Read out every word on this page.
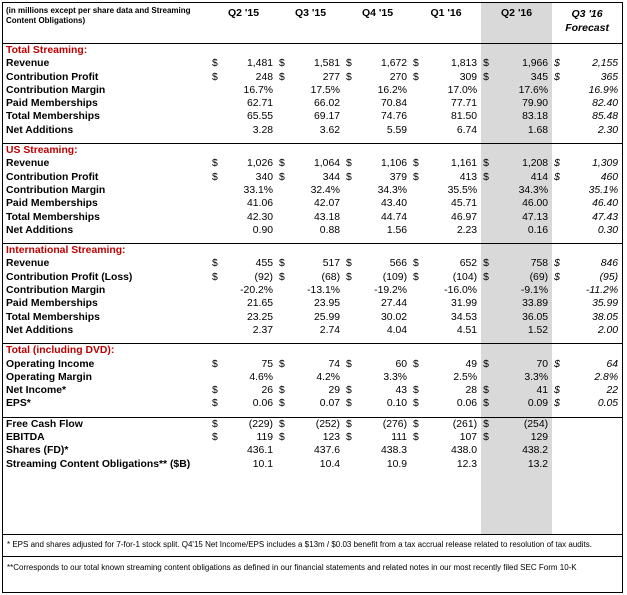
(in millions except per share data and Streaming Content Obligations)	Q2 '15		Q3 '15		Q4 '15		Q1 '16		Q2 '16		Q3 '16
Forecast	
Total Streaming:												
Revenue	$	1,481	$	1,581	$	1,672	$	1,813	$	1,966	$	2,155
Contribution Profit	$	248	$	277	$	270	$	309	$	345	$	365
Contribution Margin		16.7%		17.5%		16.2%		17.0%		17.6%		16.9%
Paid Memberships		62.71		66.02		70.84		77.71		79.90		82.40
Total Memberships		65.55		69.17		74.76		81.50		83.18		85.48
Net Additions		3.28		3.62		5.59		6.74		1.68		2.30

US Streaming:												
Revenue	$	1,026	$	1,064	$	1,106	$	1,161	$	1,208	$	1,309
Contribution Profit	$	340	$	344	$	379	$	413	$	414	$	460
Contribution Margin		33.1%		32.4%		34.3%		35.5%		34.3%		35.1%
Paid Memberships		41.06		42.07		43.40		45.71		46.00		46.40
Total Memberships		42.30		43.18		44.74		46.97		47.13		47.43
Net Additions		0.90		0.88		1.56		2.23		0.16		0.30

International Streaming:												
Revenue	$	455	$	517	$	566	$	652	$	758	$	846
Contribution Profit (Loss)	$	(92)	$	(68)	$	(109)	$	(104)	$	(69)	$	(95)
Contribution Margin		-20.2%		-13.1%		-19.2%		-16.0%		-9.1%		-11.2%
Paid Memberships		21.65		23.95		27.44		31.99		33.89		35.99
Total Memberships		23.25		25.99		30.02		34.53		36.05		38.05
Net Additions		2.37		2.74		4.04		4.51		1.52		2.00

Total (including DVD):												
Operating Income	$	75	$	74	$	60	$	49	$	70	$	64
Operating Margin		4.6%		4.2%		3.3%		2.5%		3.3%		2.8%
Net Income*	$	26	$	29	$	43	$	28	$	41	$	22
EPS*	$	0.06	$	0.07	$	0.10	$	0.06	$	0.09	$	0.05

Free Cash Flow	$	(229)	$	(252)	$	(276)	$	(261)	$	(254)		
EBITDA	$	119	$	123	$	111	$	107	$	129		
Shares (FD)*		436.1		437.6		438.3		438.0		438.2		
Streaming Content Obligations** ($B)		10.1		10.4		10.9		12.3		13.2		
* EPS and shares adjusted for 7-for-1 stock split. Q4'15 Net Income/EPS includes a $13m / $0.03 benefit from a tax accrual release related to resolution of tax audits.
**Corresponds to our total known streaming content obligations as defined in our financial statements and related notes in our most recently filed SEC Form 10-K
